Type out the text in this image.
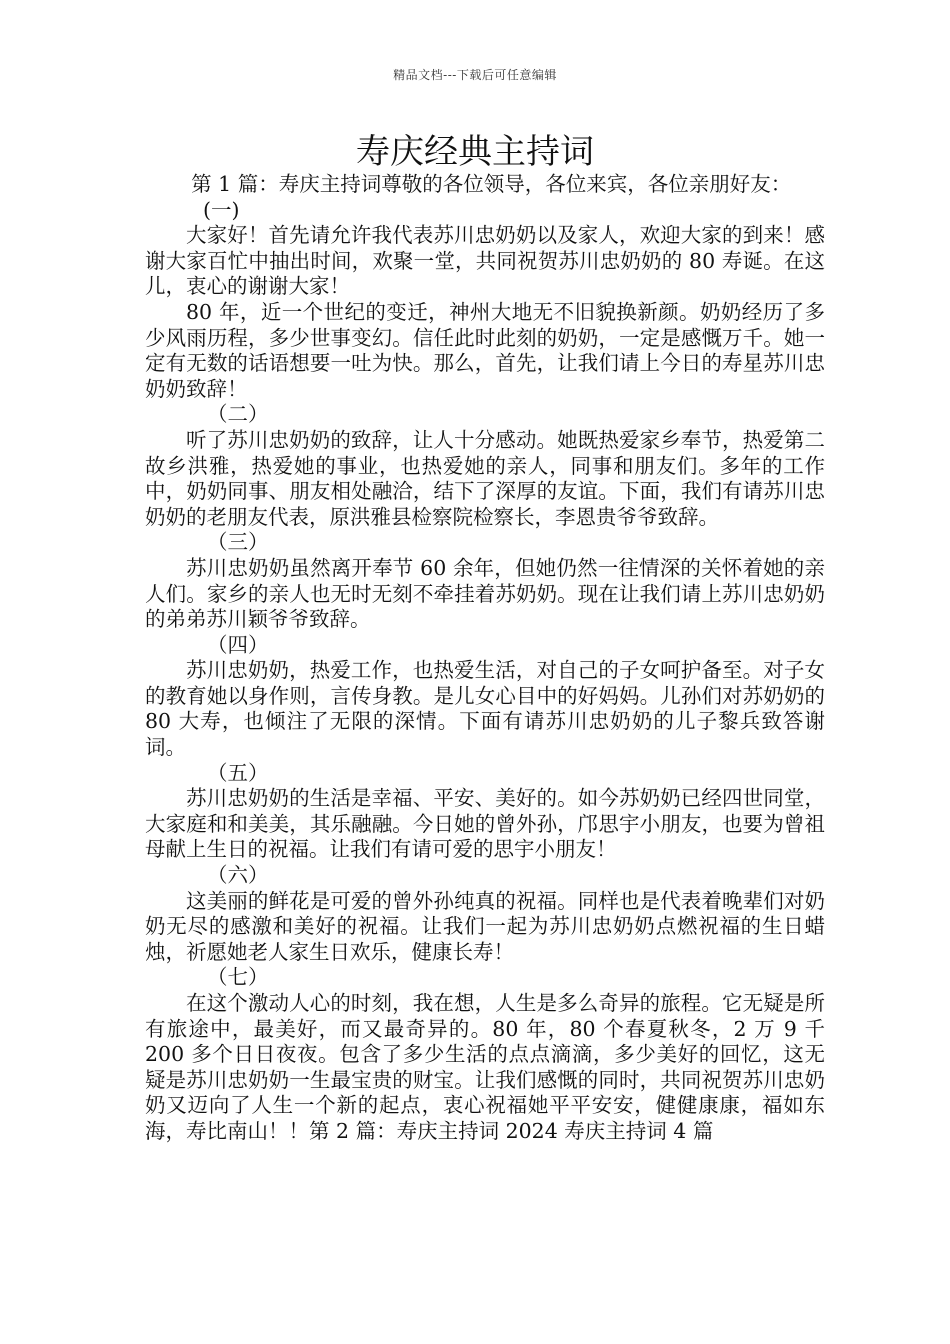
精品文档---下载后可任意编辑
寿庆经典主持词

第 1 篇：寿庆主持词尊敬的各位领导，各位来宾，各位亲朋好友：

(一)

大家好！首先请允许我代表苏川忠奶奶以及家人，欢迎大家的到来！感谢大家百忙中抽出时间，欢聚一堂，共同祝贺苏川忠奶奶的 80 寿诞。在这儿，衷心的谢谢大家！

80 年，近一个世纪的变迁，神州大地无不旧貌换新颜。奶奶经历了多少风雨历程，多少世事变幻。信任此时此刻的奶奶，一定是感慨万千。她一定有无数的话语想要一吐为快。那么，首先，让我们请上今日的寿星苏川忠奶奶致辞！

（二）

听了苏川忠奶奶的致辞，让人十分感动。她既热爱家乡奉节，热爱第二故乡洪雅，热爱她的事业，也热爱她的亲人，同事和朋友们。多年的工作中，奶奶同事、朋友相处融洽，结下了深厚的友谊。下面，我们有请苏川忠奶奶的老朋友代表，原洪雅县检察院检察长，李恩贵爷爷致辞。

（三）

苏川忠奶奶虽然离开奉节 60 余年，但她仍然一往情深的关怀着她的亲人们。家乡的亲人也无时无刻不牵挂着苏奶奶。现在让我们请上苏川忠奶奶的弟弟苏川颖爷爷致辞。

（四）

苏川忠奶奶，热爱工作，也热爱生活，对自己的子女呵护备至。对子女的教育她以身作则，言传身教。是儿女心目中的好妈妈。儿孙们对苏奶奶的 80 大寿，也倾注了无限的深情。下面有请苏川忠奶奶的儿子黎兵致答谢词。

（五）

苏川忠奶奶的生活是幸福、平安、美好的。如今苏奶奶已经四世同堂，大家庭和和美美，其乐融融。今日她的曾外孙，邝思宇小朋友，也要为曾祖母献上生日的祝福。让我们有请可爱的思宇小朋友！

（六）

这美丽的鲜花是可爱的曾外孙纯真的祝福。同样也是代表着晚辈们对奶奶无尽的感激和美好的祝福。让我们一起为苏川忠奶奶点燃祝福的生日蜡烛，祈愿她老人家生日欢乐，健康长寿！

（七）

在这个激动人心的时刻，我在想，人生是多么奇异的旅程。它无疑是所有旅途中，最美好，而又最奇异的。80 年，80 个春夏秋冬，2 万 9 千 200 多个日日夜夜。包含了多少生活的点点滴滴，多少美好的回忆，这无疑是苏川忠奶奶一生最宝贵的财宝。让我们感慨的同时，共同祝贺苏川忠奶奶又迈向了人生一个新的起点，衷心祝福她平平安安，健健康康，福如东海，寿比南山！！第 2 篇：寿庆主持词 2024 寿庆主持词 4 篇
